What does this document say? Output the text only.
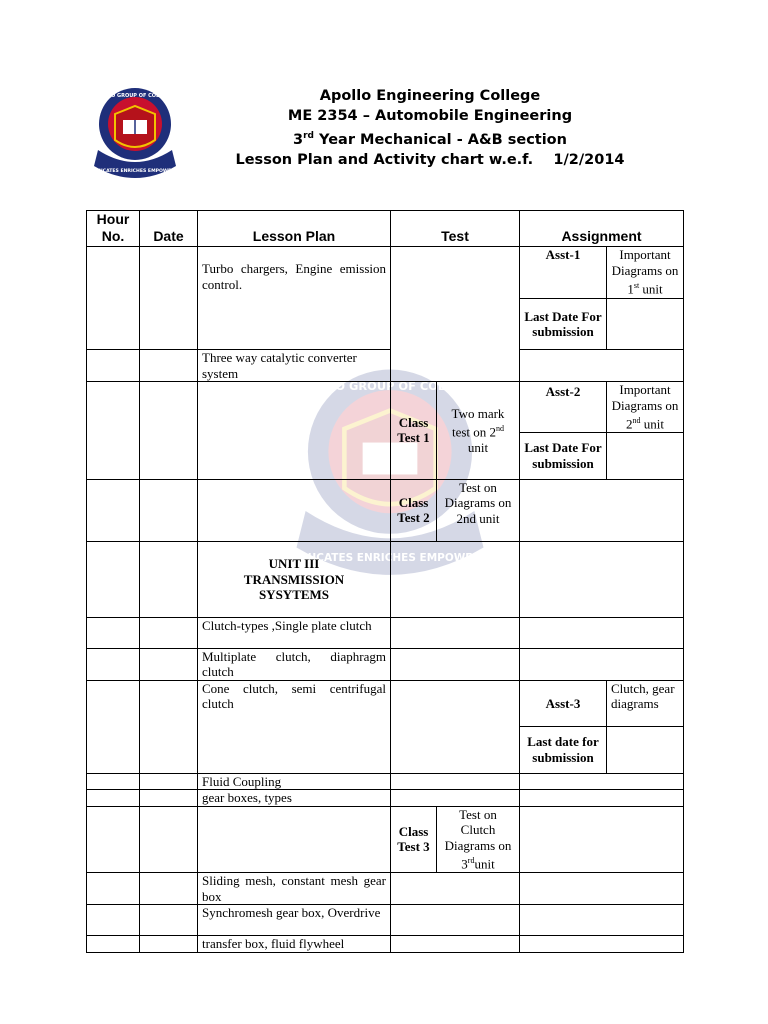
APOLLO GROUP OF COLLEGES
EDUCATES ENRICHES EMPOWERS
APOLLO GROUP OF COLLEGES
EDUCATES ENRICHES EMPOWERS
Apollo Engineering College
ME 2354 – Automobile Engineering
3rd Year Mechanical - A&B section
Lesson Plan and Activity chart w.e.f.    1/2/2014
Hour No.	Date	Lesson Plan	Test		Assignment	

		Turbo chargers, Engine emission control.			Asst-1	Important Diagrams on 1st unit
					Last Date For submission	
		Three way catalytic converter system				
			Class Test 1	Two mark test on 2nd unit	Asst-2	Important Diagrams on 2nd unit
					Last Date For submission	
			Class Test 2	Test on Diagrams on 2nd unit		

		UNIT III
TRANSMISSION
SYSYTEMS				

		Clutch-types ,Single plate clutch				
		Multiplate clutch, diaphragm clutch				
		Cone clutch, semi centrifugal clutch			Asst-3	Clutch, gear diagrams
					Last date for submission	
		Fluid Coupling				
		gear boxes, types				
			Class Test 3	Test on Clutch Diagrams on 3rdunit		
		Sliding mesh, constant mesh gear box				
		Synchromesh gear box, Overdrive				
		transfer box, fluid flywheel				
